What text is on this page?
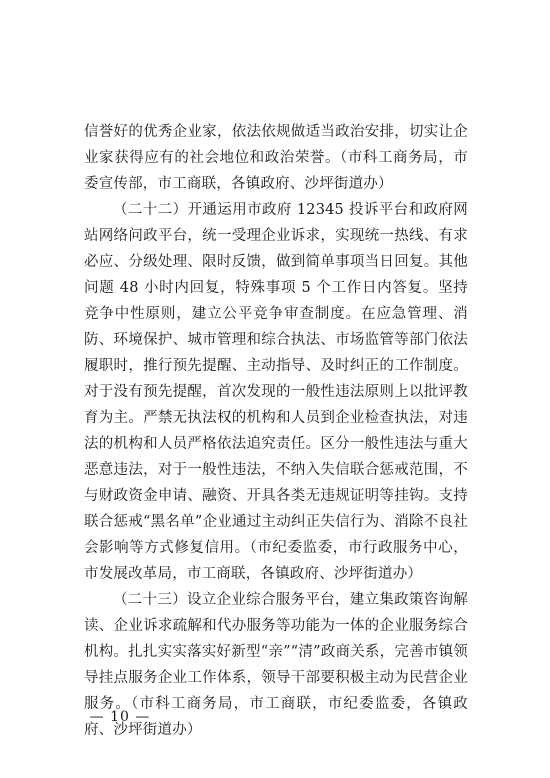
信誉好的优秀企业家，依法依规做适当政治安排，切实让企业家获得应有的社会地位和政治荣誉。（市科工商务局，市委宣传部，市工商联，各镇政府、沙坪街道办）

（二十二）开通运用市政府 12345 投诉平台和政府网站网络问政平台，统一受理企业诉求，实现统一热线、有求必应、分级处理、限时反馈，做到简单事项当日回复。其他问题 48 小时内回复，特殊事项 5 个工作日内答复。坚持竞争中性原则，建立公平竞争审查制度。在应急管理、消防、环境保护、城市管理和综合执法、市场监管等部门依法履职时，推行预先提醒、主动指导、及时纠正的工作制度。对于没有预先提醒，首次发现的一般性违法原则上以批评教育为主。严禁无执法权的机构和人员到企业检查执法，对违法的机构和人员严格依法追究责任。区分一般性违法与重大恶意违法，对于一般性违法，不纳入失信联合惩戒范围，不与财政资金申请、融资、开具各类无违规证明等挂钩。支持联合惩戒“黑名单”企业通过主动纠正失信行为、消除不良社会影响等方式修复信用。（市纪委监委，市行政服务中心，市发展改革局，市工商联，各镇政府、沙坪街道办）

（二十三）设立企业综合服务平台，建立集政策咨询解读、企业诉求疏解和代办服务等功能为一体的企业服务综合机构。扎扎实实落实好新型“亲”“清”政商关系，完善市镇领导挂点服务企业工作体系，领导干部要积极主动为民营企业服务。（市科工商务局，市工商联，市纪委监委，各镇政府、沙坪街道办）

— 10 —
